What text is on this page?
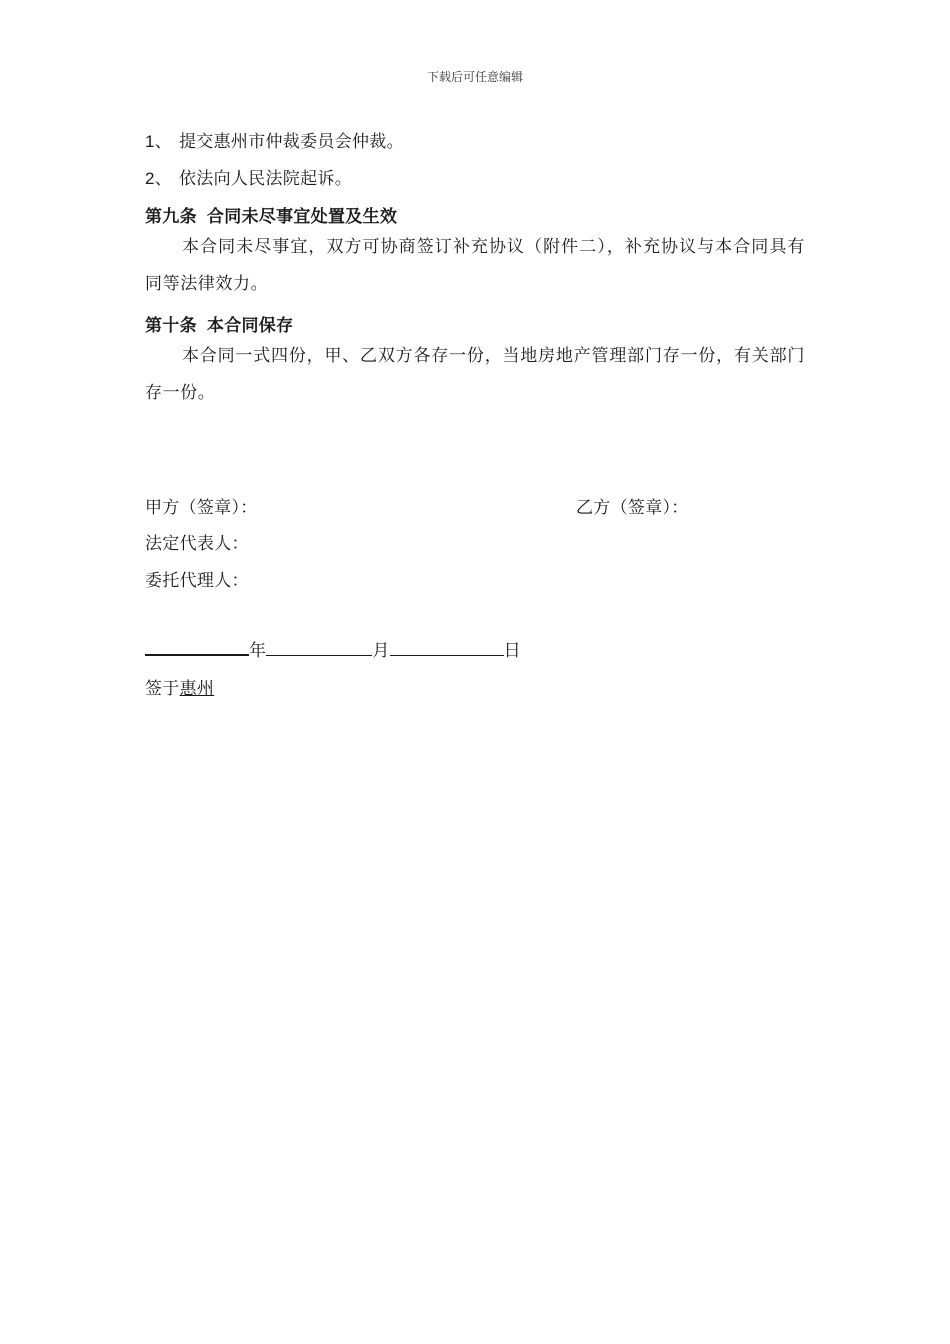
下载后可任意编辑
1、 提交惠州市仲裁委员会仲裁。
2、 依法向人民法院起诉。
第九条 合同未尽事宜处置及生效
本合同未尽事宜，双方可协商签订补充协议（附件二），补充协议与本合同具有同等法律效力。
第十条 本合同保存
本合同一式四份，甲、乙双方各存一份，当地房地产管理部门存一份，有关部门存一份。
甲方（签章）：	乙方（签章）：
法定代表人：
委托代理人：
年	月	日
签于惠州
